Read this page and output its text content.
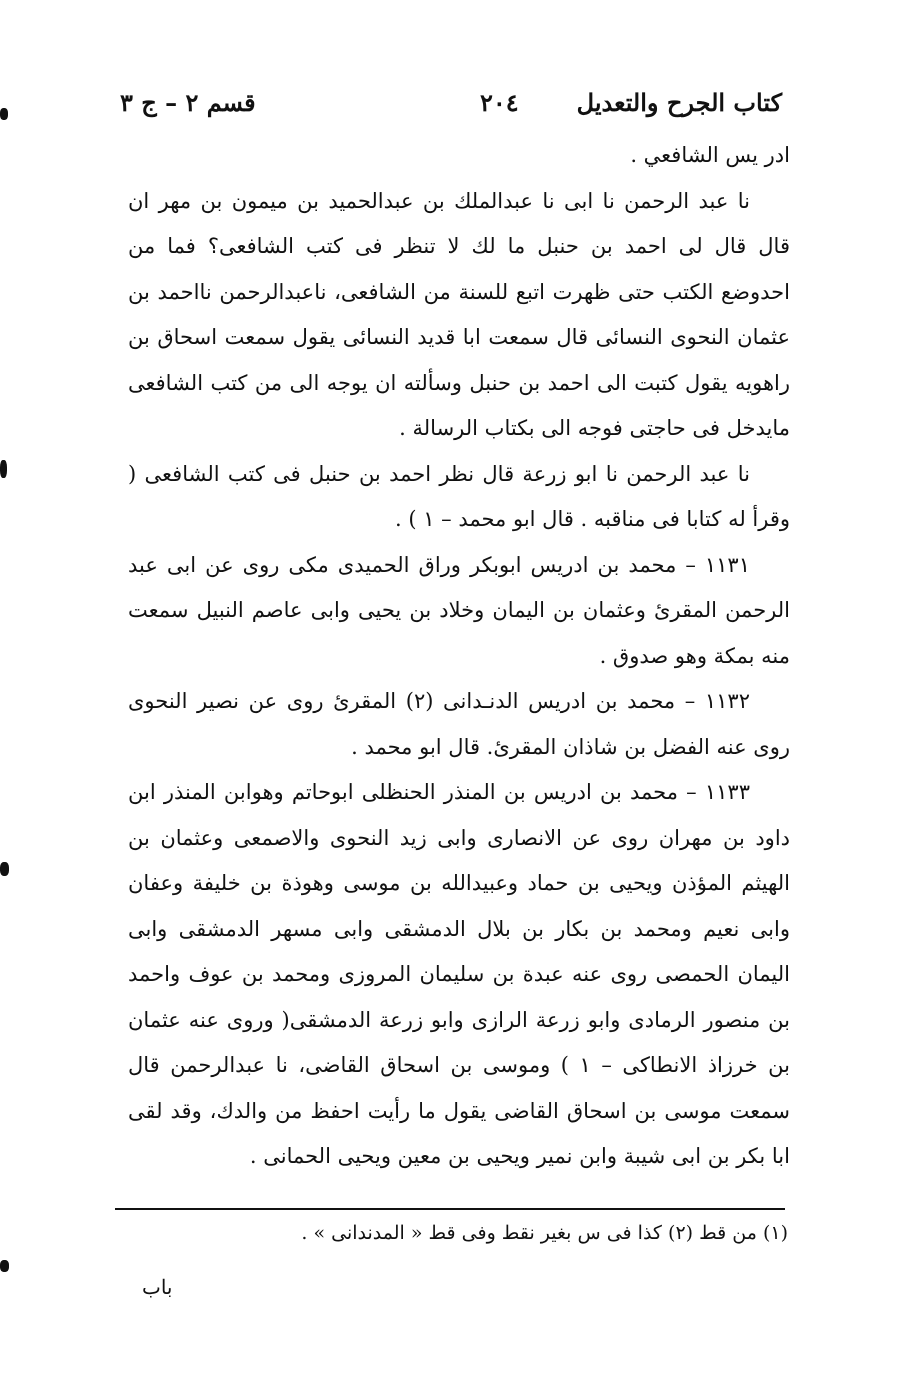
كتاب الجرح والتعديل
٢٠٤
قسم ٢ – ج ٣

ادر يس الشافعي .

نا عبد الرحمن نا ابى نا عبدالملك بن عبدالحميد بن ميمون بن مهر ان قال قال لى احمد بن حنبل ما لك لا تنظر فى كتب الشافعى؟ فما من احدوضع الكتب حتى ظهرت اتبع للسنة من الشافعى، ناعبدالرحمن نااحمد بن عثمان النحوى النسائى قال سمعت ابا قديد النسائى يقول سمعت اسحاق بن راهويه يقول كتبت الى احمد بن حنبل وسألته ان يوجه الى من كتب الشافعى مايدخل فى حاجتى فوجه الى بكتاب الرسالة .

نا عبد الرحمن نا ابو زرعة قال نظر احمد بن حنبل فى كتب الشافعى ( وقرأ له كتابا فى مناقبه . قال ابو محمد – ١ ) .

١١٣١ – محمد بن ادريس ابوبكر وراق الحميدى مكى روى عن ابى عبد الرحمن المقرئ وعثمان بن اليمان وخلاد بن يحيى وابى عاصم النبيل سمعت منه بمكة وهو صدوق .

١١٣٢ – محمد بن ادريس الدنـدانى (٢) المقرئ روى عن نصير النحوى روى عنه الفضل بن شاذان المقرئ. قال ابو محمد .

١١٣٣ – محمد بن ادريس بن المنذر الحنظلى ابوحاتم وهوابن المنذر ابن داود بن مهران روى عن الانصارى وابى زيد النحوى والاصمعى وعثمان بن الهيثم المؤذن ويحيى بن حماد وعبيدالله بن موسى وهوذة بن خليفة وعفان وابى نعيم ومحمد بن بكار بن بلال الدمشقى وابى مسهر الدمشقى وابى اليمان الحمصى روى عنه عبدة بن سليمان المروزى ومحمد بن عوف واحمد بن منصور الرمادى وابو زرعة الرازى وابو زرعة الدمشقى( وروى عنه عثمان بن خرزاذ الانطاكى – ١ ) وموسى بن اسحاق القاضى، نا عبدالرحمن قال سمعت موسى بن اسحاق القاضى يقول ما رأيت احفظ من والدك، وقد لقى ابا بكر بن ابى شيبة وابن نمير ويحيى بن معين ويحيى الحمانى .

(١) من قط (٢) كذا فى س بغير نقط وفى قط « المدندانى » .
باب
